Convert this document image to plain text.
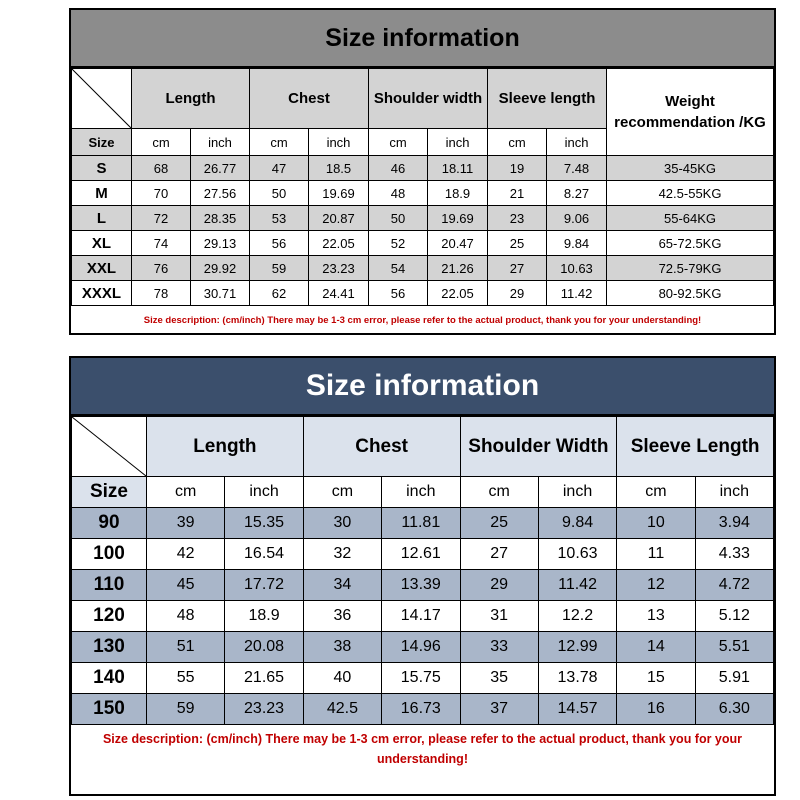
Size information
	Length		Chest		Shoulder width		Sleeve length		Weight recommendation /KG
Size	cm	inch	cm	inch	cm	inch	cm	inch	
S	68	26.77	47	18.5	46	18.11	19	7.48	35-45KG
M	70	27.56	50	19.69	48	18.9	21	8.27	42.5-55KG
L	72	28.35	53	20.87	50	19.69	23	9.06	55-64KG
XL	74	29.13	56	22.05	52	20.47	25	9.84	65-72.5KG
XXL	76	29.92	59	23.23	54	21.26	27	10.63	72.5-79KG
XXXL	78	30.71	62	24.41	56	22.05	29	11.42	80-92.5KG
Size description: (cm/inch) There may be 1-3 cm error, please refer to the actual product, thank you for your understanding!									
Size information
	Length		Chest		Shoulder Width		Sleeve Length	
Size	cm	inch	cm	inch	cm	inch	cm	inch
90	39	15.35	30	11.81	25	9.84	10	3.94
100	42	16.54	32	12.61	27	10.63	11	4.33
110	45	17.72	34	13.39	29	11.42	12	4.72
120	48	18.9	36	14.17	31	12.2	13	5.12
130	51	20.08	38	14.96	33	12.99	14	5.51
140	55	21.65	40	15.75	35	13.78	15	5.91
150	59	23.23	42.5	16.73	37	14.57	16	6.30
Size description: (cm/inch) There may be 1-3 cm error, please refer to the actual product, thank you for your understanding!								
